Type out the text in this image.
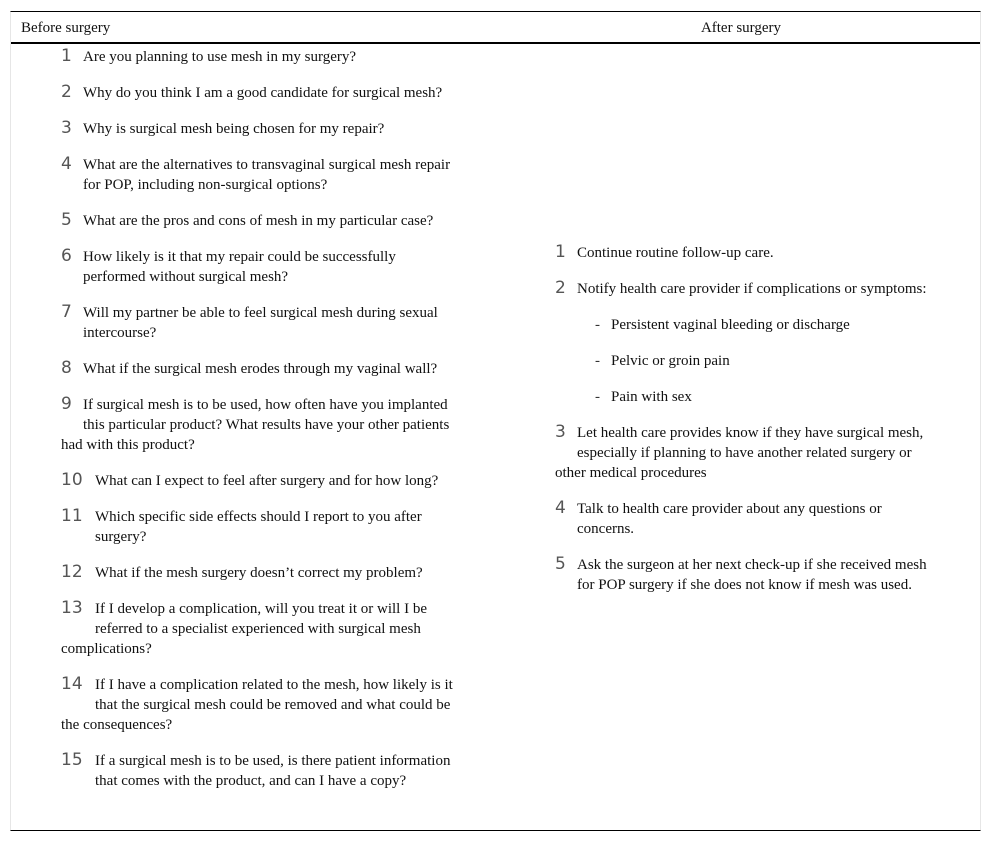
Before surgery	After surgery
1 Are you planning to use mesh in my surgery?
2 Why do you think I am a good candidate for surgical mesh?
3 Why is surgical mesh being chosen for my repair?
4 What are the alternatives to transvaginal surgical mesh repair
for POP, including non-surgical options?
5 What are the pros and cons of mesh in my particular case?
6 How likely is it that my repair could be successfully
performed without surgical mesh?
7 Will my partner be able to feel surgical mesh during sexual
intercourse?
8 What if the surgical mesh erodes through my vaginal wall?
9 If surgical mesh is to be used, how often have you implanted
this particular product? What results have your other patients
had with this product?
10 What can I expect to feel after surgery and for how long?
11 Which specific side effects should I report to you after
surgery?
12 What if the mesh surgery doesn’t correct my problem?
13 If I develop a complication, will you treat it or will I be
referred to a specialist experienced with surgical mesh
complications?
14 If I have a complication related to the mesh, how likely is it
that the surgical mesh could be removed and what could be
the consequences?
15 If a surgical mesh is to be used, is there patient information
that comes with the product, and can I have a copy?
1 Continue routine follow-up care.
2 Notify health care provider if complications or symptoms:
- Persistent vaginal bleeding or discharge
- Pelvic or groin pain
- Pain with sex
3 Let health care provides know if they have surgical mesh,
especially if planning to have another related surgery or
other medical procedures
4 Talk to health care provider about any questions or
concerns.
5 Ask the surgeon at her next check-up if she received mesh
for POP surgery if she does not know if mesh was used.
